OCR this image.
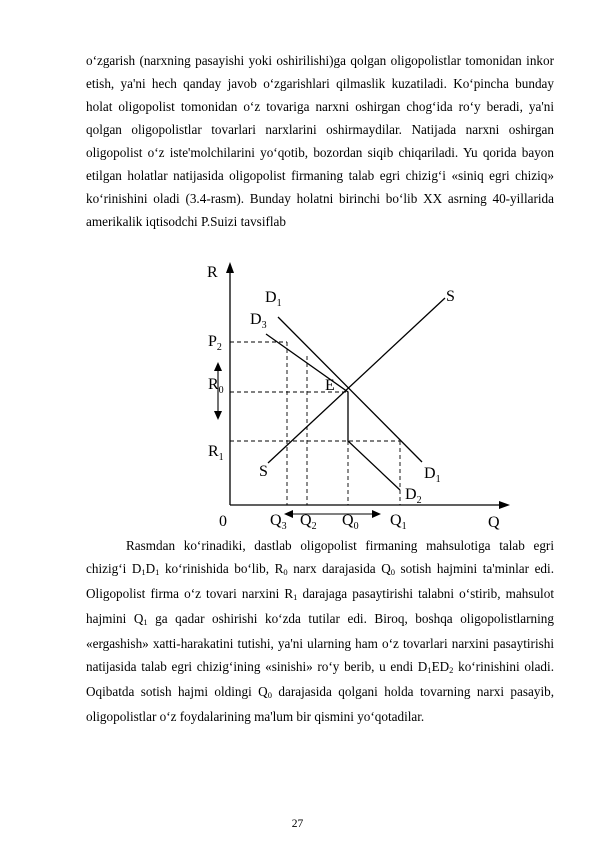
o‘zgarish (narxning pasayishi yoki oshirilishi)ga qolgan oligopolistlar tomonidan inkor etish, ya'ni hech qanday javob o‘zgarishlari qilmaslik kuzatiladi. Ko‘pincha bunday holat oligopolist tomonidan o‘z tovariga narxni oshirgan chog‘ida ro‘y beradi, ya'ni qolgan oligopolistlar tovarlari narxlarini oshirmaydilar. Natijada narxni oshirgan oligopolist o‘z iste'molchilarini yo‘qotib, bozordan siqib chiqariladi. Yu qorida bayon etilgan holatlar natijasida oligopolist firmaning talab egri chizig‘i «siniq egri chiziq» ko‘rinishini oladi (3.4-rasm). Bunday holatni birinchi bo‘lib XX asrning 40-yillarida amerikalik iqtisodchi P.Suizi tavsiflab

R
Q
0
$D_1$
$D_3$
S
S
E
$D_1$
$D_2$
$P_2$
$R_0$
$R_1$
$Q_3$ $Q_2$ $Q_0$ $Q_1$

Rasmdan ko‘rinadiki, dastlab oligopolist firmaning mahsulotiga talab egri chizig‘i $D_1D_1$ ko‘rinishida bo‘lib, $R_0$ narx darajasida $Q_0$ sotish hajmini ta'minlar edi. Oligopolist firma o‘z tovari narxini $R_1$ darajaga pasaytirishi talabni o‘stirib, mahsulot hajmini $Q_1$ ga qadar oshirishi ko‘zda tutilar edi. Biroq, boshqa oligopolistlarning «ergashish» xatti-harakatini tutishi, ya'ni ularning ham o‘z tovarlari narxini pasaytirishi natijasida talab egri chizig‘ining «sinishi» ro‘y berib, u endi $D_1ED_2$ ko‘rinishini oladi. Oqibatda sotish hajmi oldingi $Q_0$ darajasida qolgani holda tovarning narxi pasayib, oligopolistlar o‘z foydalarining ma'lum bir qismini yo‘qotadilar.

27
